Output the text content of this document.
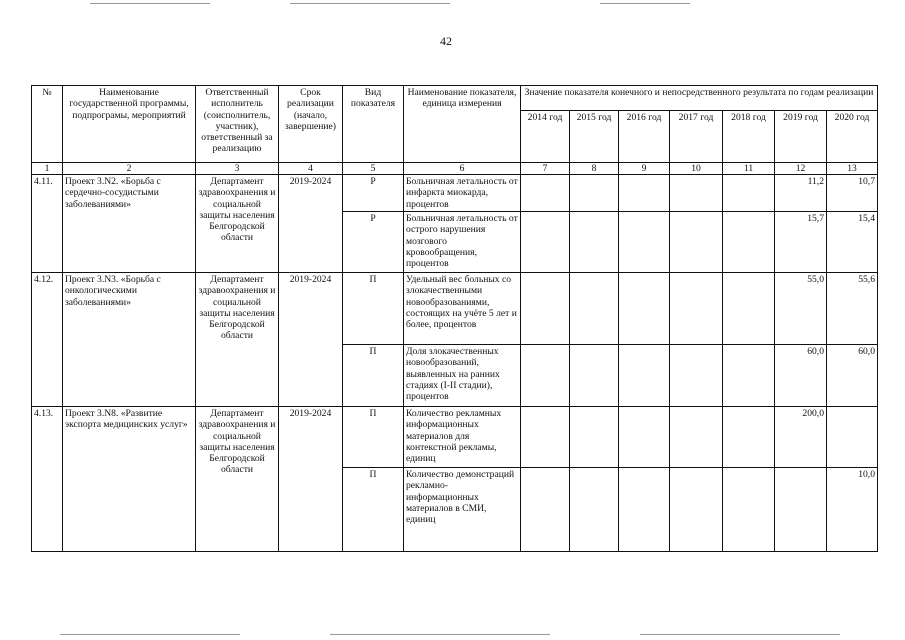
42
№	Наименование государственной программы, подпрограмы, мероприятий	Ответственный исполнитель (соисполнитель, участник), ответственный за реализацию	Срок реализации (начало, завершение)	Вид показателя	Наименование показателя, единица измерения	Значение показателя конечного и непосредственного результата по годам реализации						
						2014 год	2015 год	2016 год	2017 год	2018 год	2019 год	2020 год
1	2	3	4	5	6	7	8	9	10	11	12	13
4.11.	Проект 3.N2. «Борьба с сердечно-сосудистыми заболеваниями»	Департамент здравоохранения и социальной защиты населения Белгородской области	2019-2024	Р	Больничная летальность от инфаркта миокарда, процентов						11,2	10,7
				Р	Больничная летальность от острого нарушения мозгового кровообращения, процентов						15,7	15,4
4.12.	Проект 3.N3. «Борьба с онкологическими заболеваниями»	Департамент здравоохранения и социальной защиты населения Белгородской области	2019-2024	П	Удельный вес больных со злокачественными новообразованиями, состоящих на учёте 5 лет и более, процентов						55,0	55,6
				П	Доля злокачественных новообразований, выявленных на ранних стадиях (I-II стадии), процентов						60,0	60,0
4.13.	Проект 3.N8. «Развитие экспорта медицинских услуг»	Департамент здравоохранения и социальной защиты населения Белгородской области	2019-2024	П	Количество рекламных информационных материалов для контекстной рекламы, единиц						200,0	
				П	Количество демонстраций рекламно-информационных материалов в СМИ, единиц							10,0
